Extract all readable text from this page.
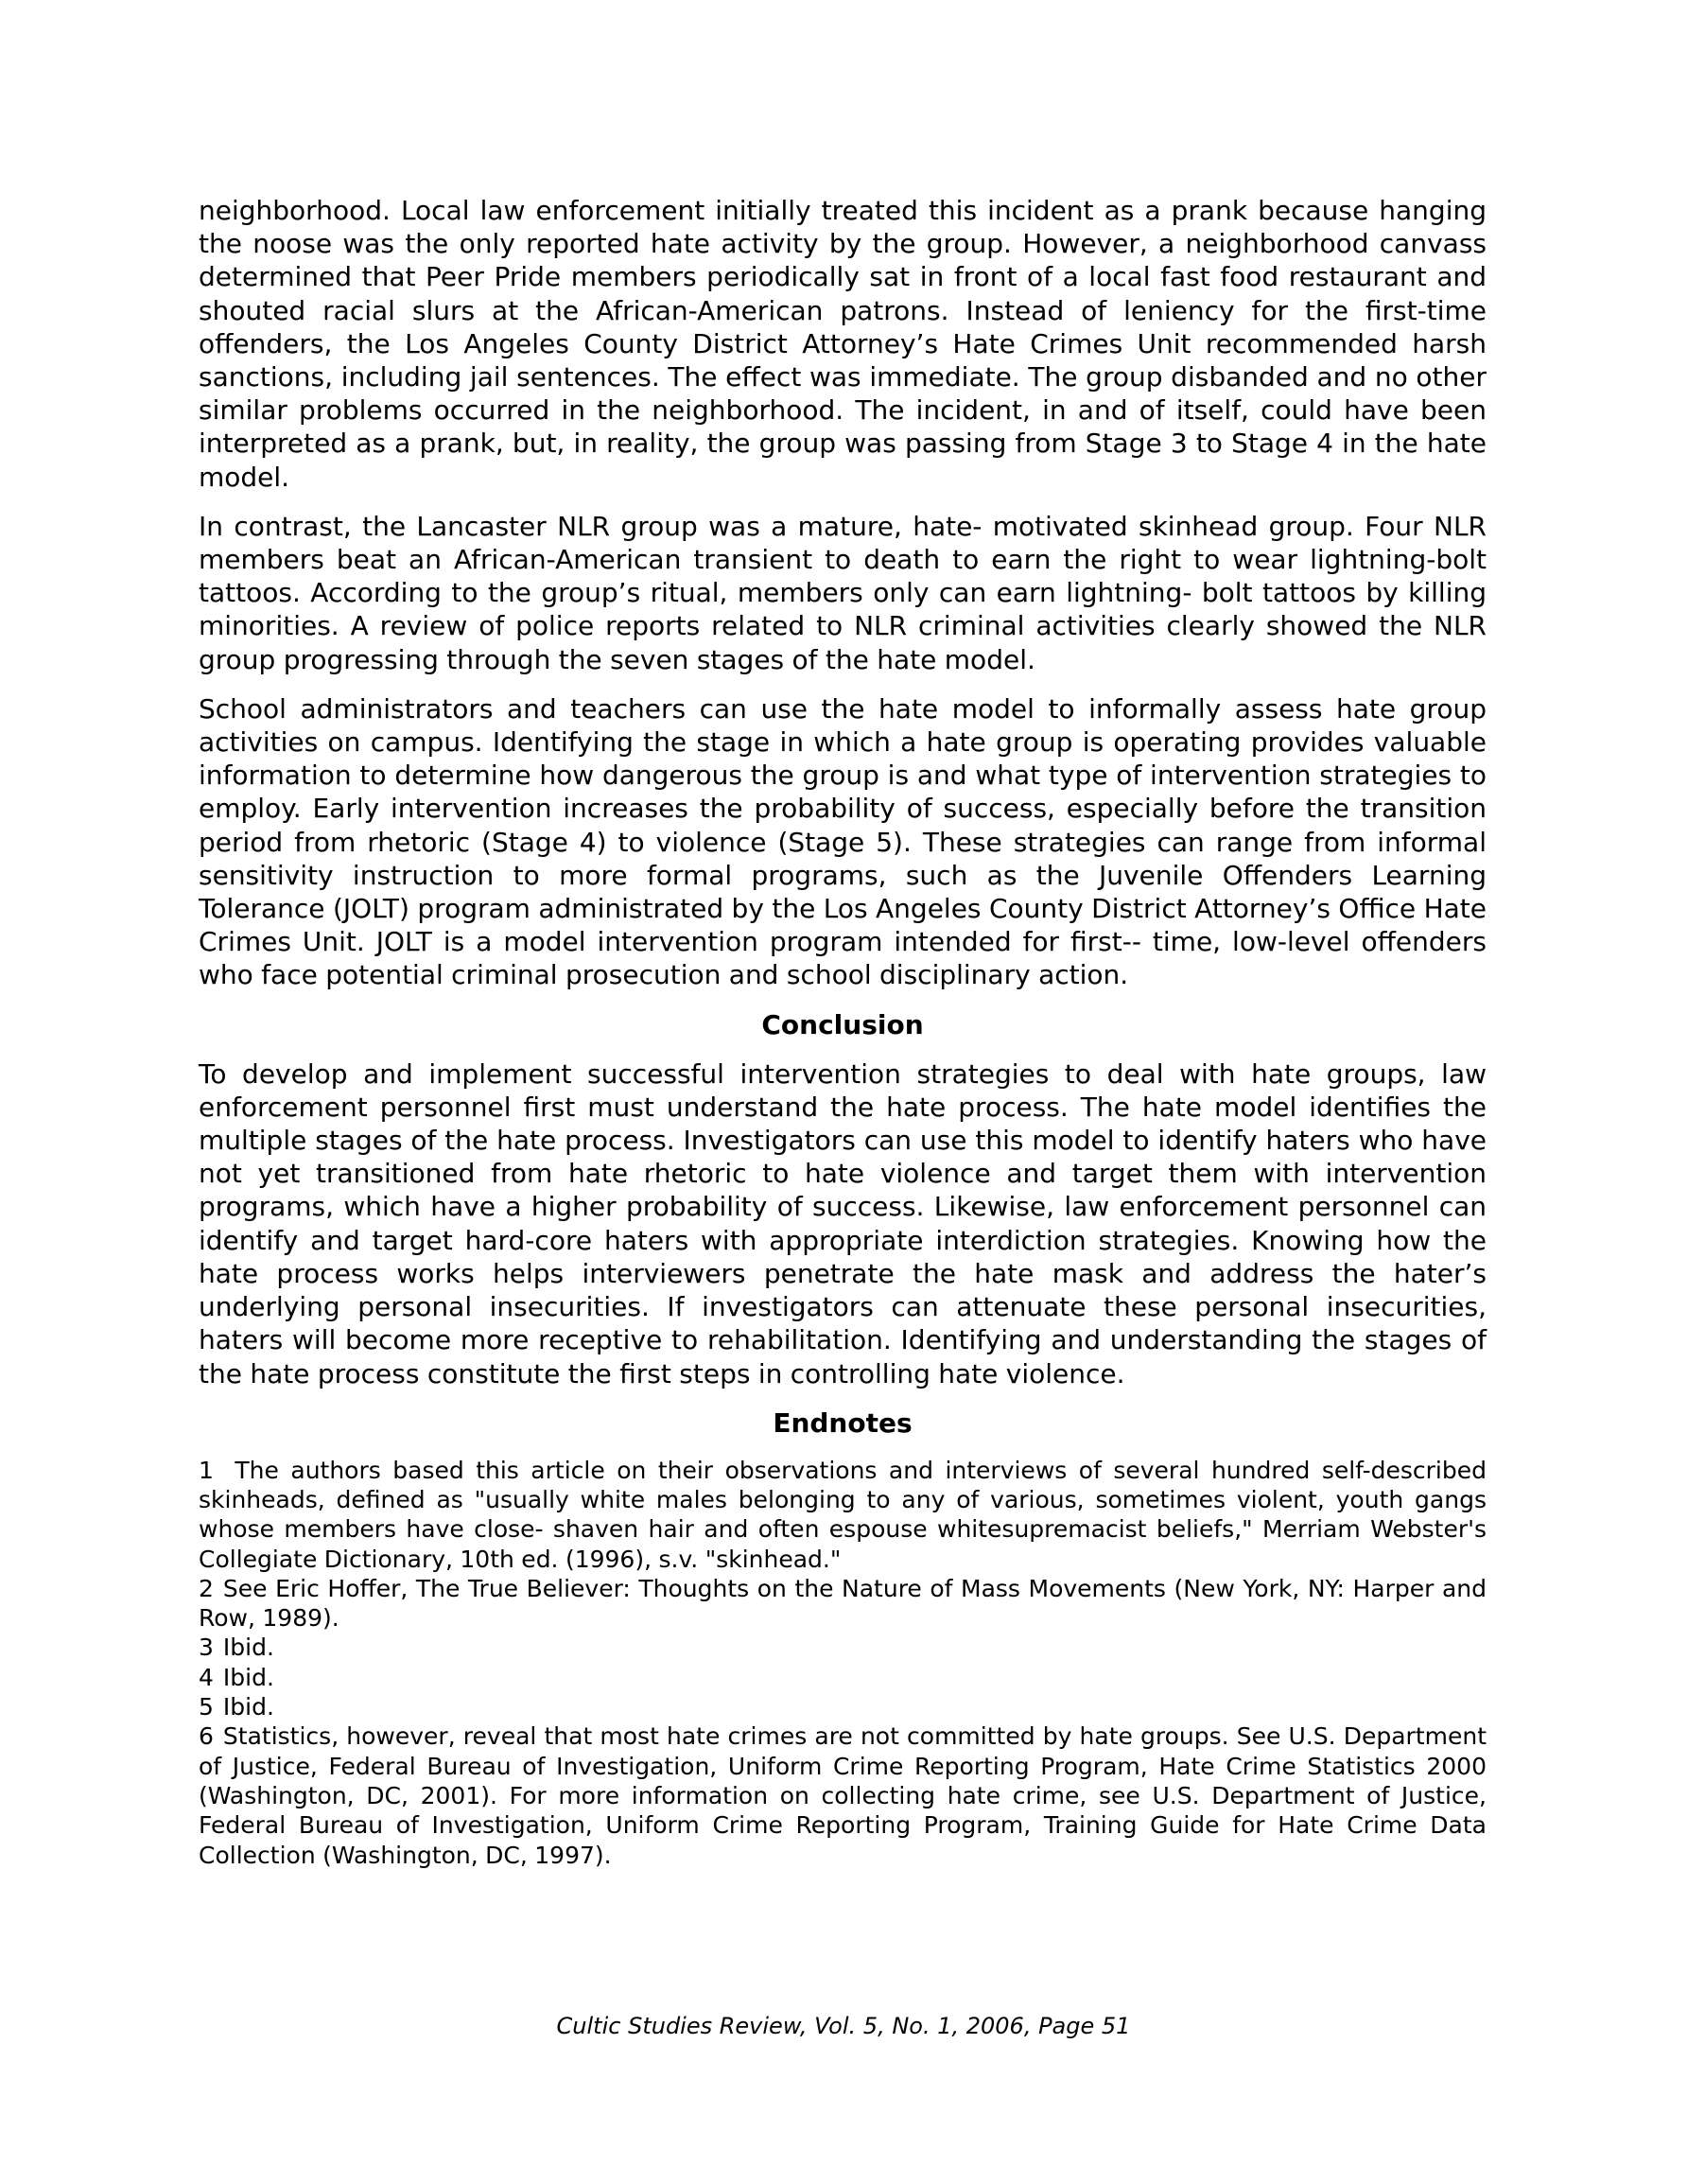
neighborhood. Local law enforcement initially treated this incident as a prank because hanging the noose was the only reported hate activity by the group. However, a neighborhood canvass determined that Peer Pride members periodically sat in front of a local fast food restaurant and shouted racial slurs at the African-American patrons. Instead of leniency for the first-time offenders, the Los Angeles County District Attorney’s Hate Crimes Unit recommended harsh sanctions, including jail sentences. The effect was immediate. The group disbanded and no other similar problems occurred in the neighborhood. The incident, in and of itself, could have been interpreted as a prank, but, in reality, the group was passing from Stage 3 to Stage 4 in the hate model.

In contrast, the Lancaster NLR group was a mature, hate- motivated skinhead group. Four NLR members beat an African-American transient to death to earn the right to wear lightning-bolt tattoos. According to the group’s ritual, members only can earn lightning- bolt tattoos by killing minorities. A review of police reports related to NLR criminal activities clearly showed the NLR group progressing through the seven stages of the hate model.

School administrators and teachers can use the hate model to informally assess hate group activities on campus. Identifying the stage in which a hate group is operating provides valuable information to determine how dangerous the group is and what type of intervention strategies to employ. Early intervention increases the probability of success, especially before the transition period from rhetoric (Stage 4) to violence (Stage 5). These strategies can range from informal sensitivity instruction to more formal programs, such as the Juvenile Offenders Learning Tolerance (JOLT) program administrated by the Los Angeles County District Attorney’s Office Hate Crimes Unit. JOLT is a model intervention program intended for first-- time, low-level offenders who face potential criminal prosecution and school disciplinary action.

Conclusion

To develop and implement successful intervention strategies to deal with hate groups, law enforcement personnel first must understand the hate process. The hate model identifies the multiple stages of the hate process. Investigators can use this model to identify haters who have not yet transitioned from hate rhetoric to hate violence and target them with intervention programs, which have a higher probability of success. Likewise, law enforcement personnel can identify and target hard-core haters with appropriate interdiction strategies. Knowing how the hate process works helps interviewers penetrate the hate mask and address the hater’s underlying personal insecurities. If investigators can attenuate these personal insecurities, haters will become more receptive to rehabilitation. Identifying and understanding the stages of the hate process constitute the first steps in controlling hate violence.

Endnotes

1 The authors based this article on their observations and interviews of several hundred self-described skinheads, defined as "usually white males belonging to any of various, sometimes violent, youth gangs whose members have close- shaven hair and often espouse whitesupremacist beliefs," Merriam Webster's Collegiate Dictionary, 10th ed. (1996), s.v. "skinhead."

2 See Eric Hoffer, The True Believer: Thoughts on the Nature of Mass Movements (New York, NY: Harper and Row, 1989).

3 Ibid.

4 Ibid.

5 Ibid.

6 Statistics, however, reveal that most hate crimes are not committed by hate groups. See U.S. Department of Justice, Federal Bureau of Investigation, Uniform Crime Reporting Program, Hate Crime Statistics 2000 (Washington, DC, 2001). For more information on collecting hate crime, see U.S. Department of Justice, Federal Bureau of Investigation, Uniform Crime Reporting Program, Training Guide for Hate Crime Data Collection (Washington, DC, 1997).

Cultic Studies Review, Vol. 5, No. 1, 2006, Page 51
